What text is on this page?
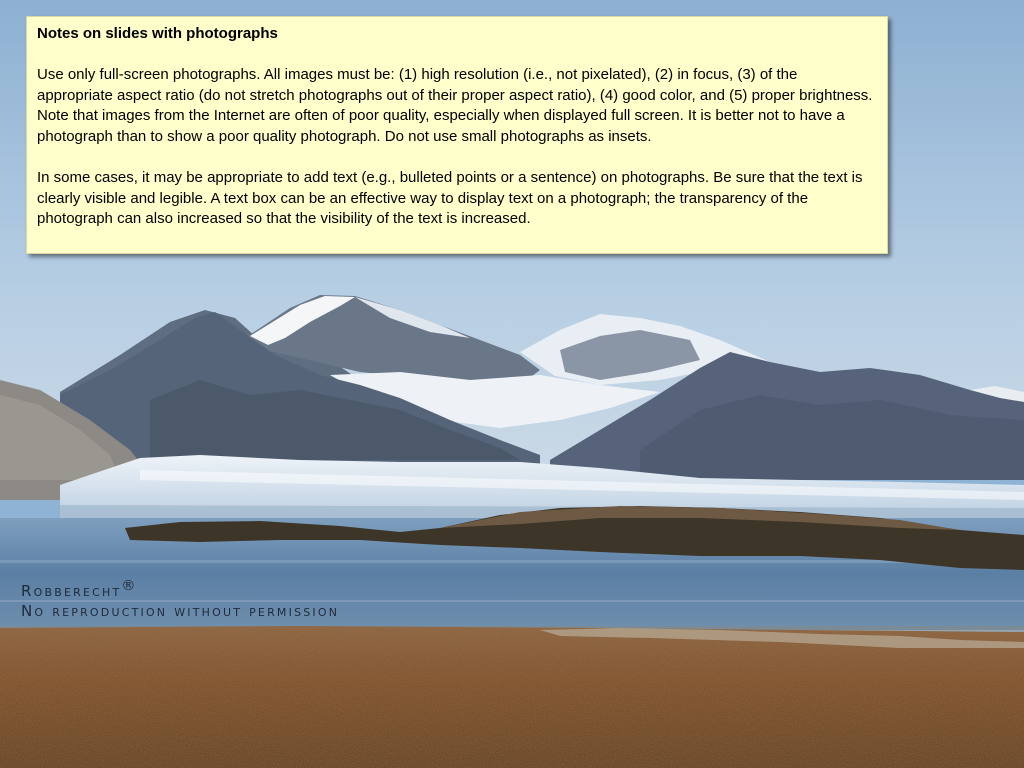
Notes on slides with photographs

Use only full-screen photographs. All images must be: (1) high resolution (i.e., not pixelated), (2) in focus, (3) of the appropriate aspect ratio (do not stretch photographs out of their proper aspect ratio), (4) good color, and (5) proper brightness. Note that images from the Internet are often of poor quality, especially when displayed full screen. It is better not to have a photograph than to show a poor quality photograph. Do not use small photographs as insets.

In some cases, it may be appropriate to add text (e.g., bulleted points or a sentence) on photographs. Be sure that the text is clearly visible and legible. A text box can be an effective way to display text on a photograph; the transparency of the photograph can also increased so that the visibility of the text is increased.

Robberecht®
No reproduction without permission
